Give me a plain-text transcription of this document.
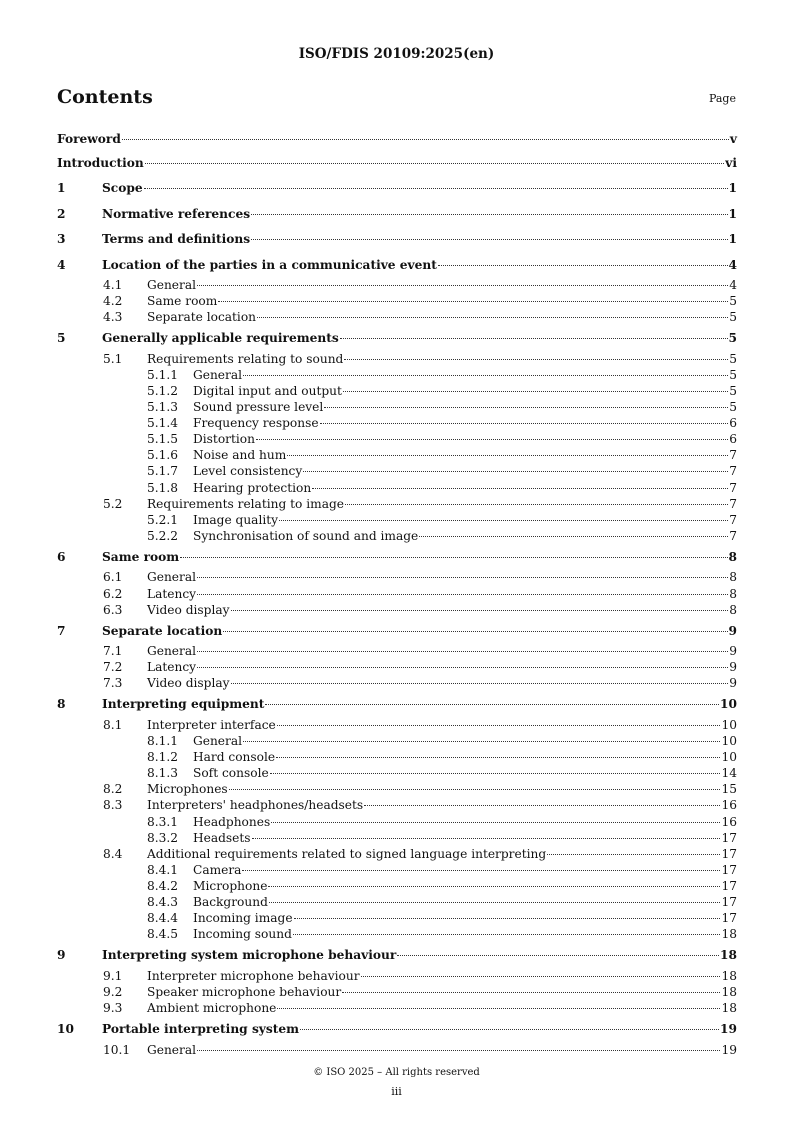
ISO/FDIS 20109:2025(en)
Contents	Page
Foreword	v
Introduction	vi
1	Scope	1
2	Normative references	1
3	Terms and definitions	1
4	Location of the parties in a communicative event	4
4.1	General	4
4.2	Same room	5
4.3	Separate location	5
5	Generally applicable requirements	5
5.1	Requirements relating to sound	5
5.1.1	General	5
5.1.2	Digital input and output	5
5.1.3	Sound pressure level	5
5.1.4	Frequency response	6
5.1.5	Distortion	6
5.1.6	Noise and hum	7
5.1.7	Level consistency	7
5.1.8	Hearing protection	7
5.2	Requirements relating to image	7
5.2.1	Image quality	7
5.2.2	Synchronisation of sound and image	7
6	Same room	8
6.1	General	8
6.2	Latency	8
6.3	Video display	8
7	Separate location	9
7.1	General	9
7.2	Latency	9
7.3	Video display	9
8	Interpreting equipment	10
8.1	Interpreter interface	10
8.1.1	General	10
8.1.2	Hard console	10
8.1.3	Soft console	14
8.2	Microphones	15
8.3	Interpreters' headphones/headsets	16
8.3.1	Headphones	16
8.3.2	Headsets	17
8.4	Additional requirements related to signed language interpreting	17
8.4.1	Camera	17
8.4.2	Microphone	17
8.4.3	Background	17
8.4.4	Incoming image	17
8.4.5	Incoming sound	18
9	Interpreting system microphone behaviour	18
9.1	Interpreter microphone behaviour	18
9.2	Speaker microphone behaviour	18
9.3	Ambient microphone	18
10	Portable interpreting system	19
10.1	General	19
© ISO 2025 – All rights reserved
iii
